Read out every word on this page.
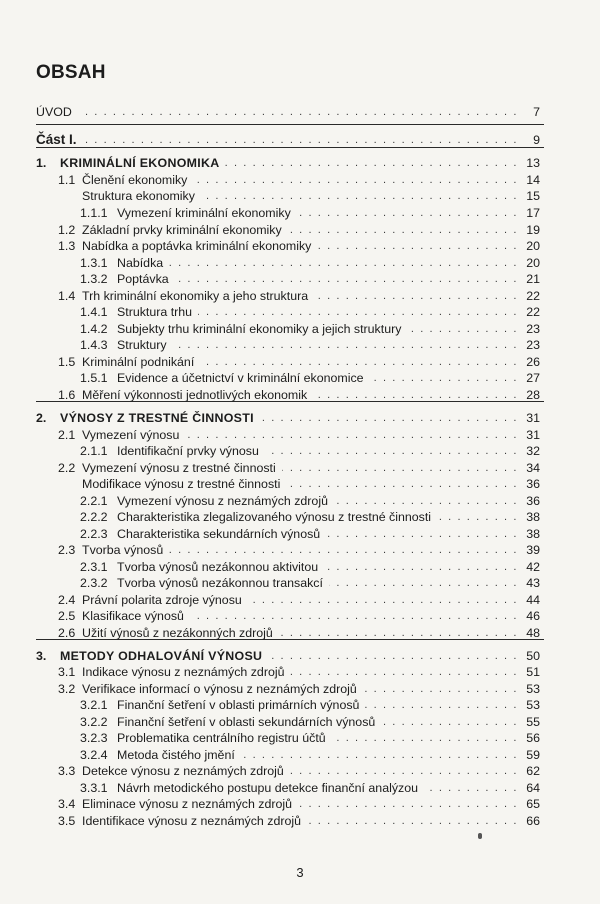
OBSAH
ÚVOD . . .	7
Část I. . . .	9
1. KRIMINÁLNÍ EKONOMIKA . . .	13
1.1 Členění ekonomiky . . .	14
Struktura ekonomiky . . .	15
1.1.1 Vymezení kriminální ekonomiky . . .	17
1.2 Základní prvky kriminální ekonomiky . . .	19
1.3 Nabídka a poptávka kriminální ekonomiky . . .	20
1.3.1 Nabídka . . .	20
1.3.2 Poptávka . . .	21
1.4 Trh kriminální ekonomiky a jeho struktura . . .	22
1.4.1 Struktura trhu . . .	22
1.4.2 Subjekty trhu kriminální ekonomiky a jejich struktury . . .	23
1.4.3 Struktury . . .	23
1.5 Kriminální podnikání . . .	26
1.5.1 Evidence a účetnictví v kriminální ekonomice . . .	27
1.6 Měření výkonnosti jednotlivých ekonomik . . .	28
2. VÝNOSY Z TRESTNÉ ČINNOSTI . . .	31
2.1 Vymezení výnosu . . .	31
2.1.1 Identifikační prvky výnosu . . .	32
2.2 Vymezení výnosu z trestné činnosti . . .	34
Modifikace výnosu z trestné činnosti . . .	36
2.2.1 Vymezení výnosu z neznámých zdrojů . . .	36
2.2.2 Charakteristika zlegalizovaného výnosu z trestné činnosti . . .	38
2.2.3 Charakteristika sekundárních výnosů . . .	38
2.3 Tvorba výnosů . . .	39
2.3.1 Tvorba výnosů nezákonnou aktivitou . . .	42
2.3.2 Tvorba výnosů nezákonnou transakcí . . .	43
2.4 Právní polarita zdroje výnosu . . .	44
2.5 Klasifikace výnosů . . .	46
2.6 Užití výnosů z nezákonných zdrojů . . .	48
3. METODY ODHALOVÁNÍ VÝNOSU . . .	50
3.1 Indikace výnosu z neznámých zdrojů . . .	51
3.2 Verifikace informací o výnosu z neznámých zdrojů . . .	53
3.2.1 Finanční šetření v oblasti primárních výnosů . . .	53
3.2.2 Finanční šetření v oblasti sekundárních výnosů . . .	55
3.2.3 Problematika centrálního registru účtů . . .	56
3.2.4 Metoda čistého jmění . . .	59
3.3 Detekce výnosu z neznámých zdrojů . . .	62
3.3.1 Návrh metodického postupu detekce finanční analýzou . . .	64
3.4 Eliminace výnosu z neznámých zdrojů . . .	65
3.5 Identifikace výnosu z neznámých zdrojů . . .	66
3
